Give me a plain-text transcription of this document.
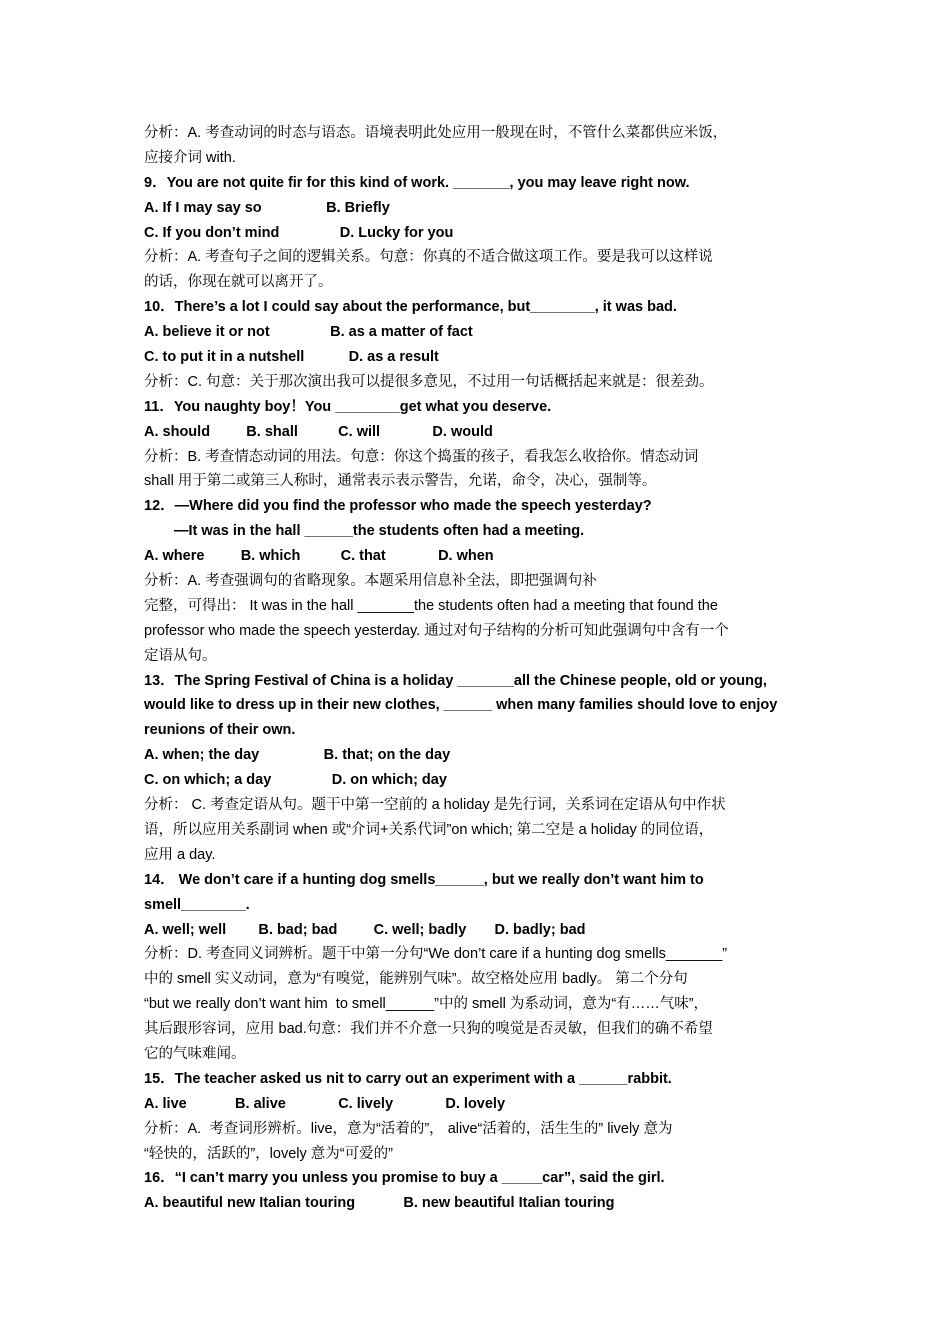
分析：A. 考查动词的时态与语态。语境表明此处应用一般现在时，不管什么菜都供应米饭，
应接介词 with.
9．You are not quite fir for this kind of work. _______, you may leave right now.
A. If I may say so                B. Briefly
C. If you don’t mind               D. Lucky for you
分析：A. 考查句子之间的逻辑关系。句意：你真的不适合做这项工作。要是我可以这样说
的话，你现在就可以离开了。
10．There’s a lot I could say about the performance, but________, it was bad.
A. believe it or not               B. as a matter of fact
C. to put it in a nutshell           D. as a result
分析：C. 句意：关于那次演出我可以提很多意见，不过用一句话概括起来就是：很差劲。
11．You naughty boy！You ________get what you deserve.
A. should         B. shall          C. will             D. would
分析：B. 考查情态动词的用法。句意：你这个捣蛋的孩子，看我怎么收拾你。情态动词
shall 用于第二或第三人称时，通常表示表示警告，允诺，命令，决心，强制等。
12．—Where did you find the professor who made the speech yesterday?
—It was in the hall ______the students often had a meeting.
A. where         B. which          C. that             D. when
分析：A. 考查强调句的省略现象。本题采用信息补全法，即把强调句补
完整，可得出： It was in the hall _______the students often had a meeting that found the
professor who made the speech yesterday. 通过对句子结构的分析可知此强调句中含有一个
定语从句。
13．The Spring Festival of China is a holiday _______all the Chinese people, old or young,
would like to dress up in their new clothes, ______ when many families should love to enjoy
reunions of their own.
A. when; the day                B. that; on the day
C. on which; a day               D. on which; day
分析： C. 考查定语从句。题干中第一空前的 a holiday 是先行词，关系词在定语从句中作状
语，所以应用关系副词 when 或“介词+关系代词”on which; 第二空是 a holiday 的同位语，
应用 a day.
14． We don’t care if a hunting dog smells______, but we really don’t want him to
smell________.
A. well; well        B. bad; bad         C. well; badly       D. badly; bad
分析：D. 考查同义词辨析。题干中第一分句“We don’t care if a hunting dog smells_______”
中的 smell 实义动词，意为“有嗅觉，能辨别气味”。故空格处应用 badly。 第二个分句
“but we really don’t want him  to smell______”中的 smell 为系动词，意为“有……气味”，
其后跟形容词，应用 bad.句意：我们并不介意一只狗的嗅觉是否灵敏，但我们的确不希望
它的气味难闻。
15．The teacher asked us nit to carry out an experiment with a ______rabbit.
A. live            B. alive             C. lively             D. lovely
分析：A.  考查词形辨析。live，意为“活着的”， alive“活着的，活生生的” lively 意为
“轻快的，活跃的”，lovely 意为“可爱的”
16．“I can’t marry you unless you promise to buy a _____car”, said the girl.
A. beautiful new Italian touring            B. new beautiful Italian touring
